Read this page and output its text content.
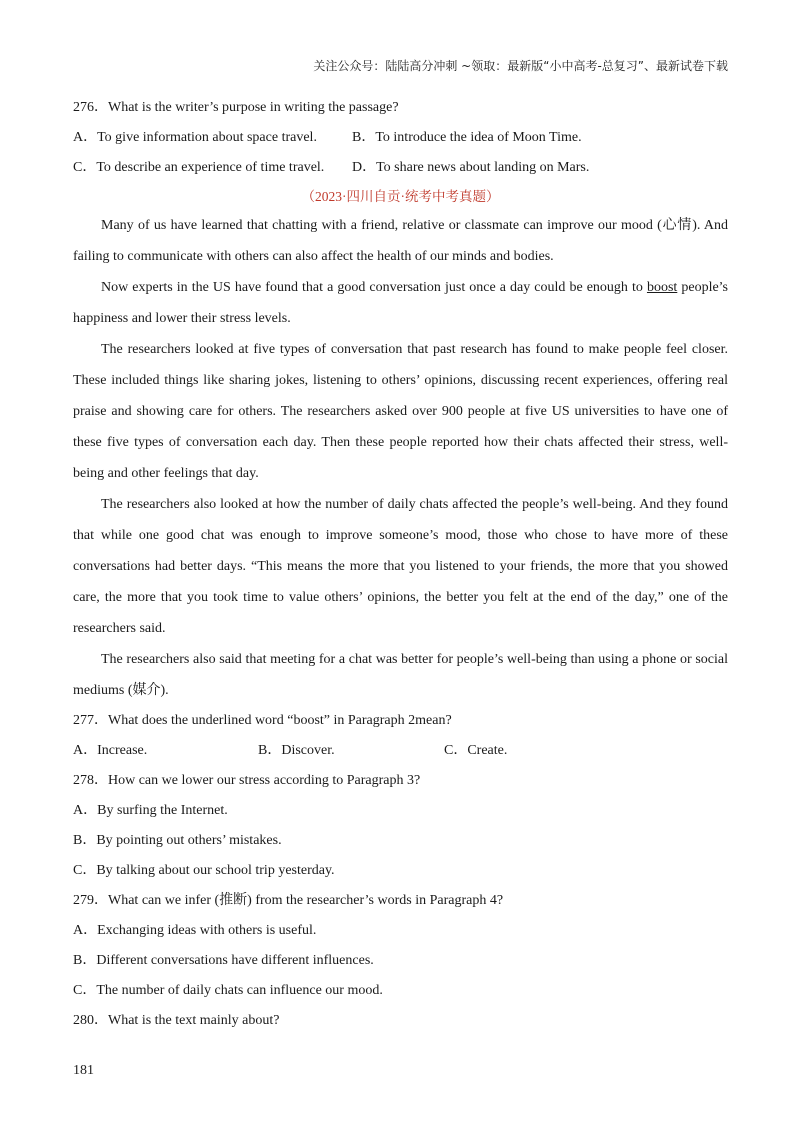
关注公众号：陆陆高分冲刺 ~领取：最新版“小中高考-总复习”、最新试卷下载
276．What is the writer’s purpose in writing the passage?
A．To give information about space travel.	B．To introduce the idea of Moon Time.
C．To describe an experience of time travel.	D．To share news about landing on Mars.
（2023·四川自贡·统考中考真题）

Many of us have learned that chatting with a friend, relative or classmate can improve our mood (心情). And failing to communicate with others can also affect the health of our minds and bodies.

Now experts in the US have found that a good conversation just once a day could be enough to boost people’s happiness and lower their stress levels.

The researchers looked at five types of conversation that past research has found to make people feel closer. These included things like sharing jokes, listening to others’ opinions, discussing recent experiences, offering real praise and showing care for others. The researchers asked over 900 people at five US universities to have one of these five types of conversation each day. Then these people reported how their chats affected their stress, well-being and other feelings that day.

The researchers also looked at how the number of daily chats affected the people’s well-being. And they found that while one good chat was enough to improve someone’s mood, those who chose to have more of these conversations had better days. “This means the more that you listened to your friends, the more that you showed care, the more that you took time to value others’ opinions, the better you felt at the end of the day,” one of the researchers said.

The researchers also said that meeting for a chat was better for people’s well-being than using a phone or social mediums (媒介).

277．What does the underlined word “boost” in Paragraph 2mean?
A．Increase.	B．Discover.	C．Create.
278．How can we lower our stress according to Paragraph 3?
A．By surfing the Internet.
B．By pointing out others’ mistakes.
C．By talking about our school trip yesterday.
279．What can we infer (推断) from the researcher’s words in Paragraph 4?
A．Exchanging ideas with others is useful.
B．Different conversations have different influences.
C．The number of daily chats can influence our mood.
280．What is the text mainly about?
181
